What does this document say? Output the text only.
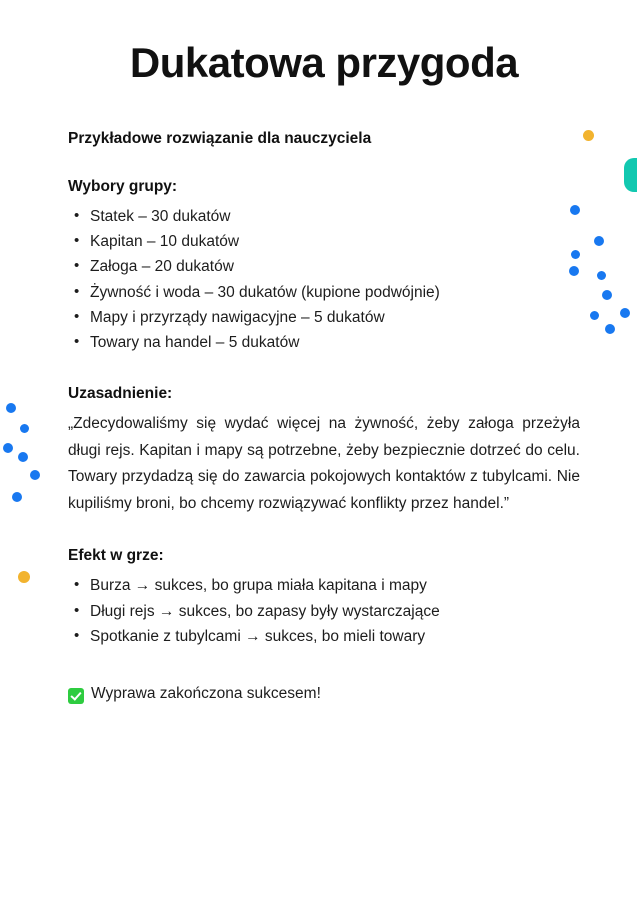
Dukatowa przygoda

Przykładowe rozwiązanie dla nauczyciela

Wybory grupy:
• Statek – 30 dukatów
• Kapitan – 10 dukatów
• Załoga – 20 dukatów
• Żywność i woda – 30 dukatów (kupione podwójnie)
• Mapy i przyrządy nawigacyjne – 5 dukatów
• Towary na handel – 5 dukatów
Uzasadnienie:

„Zdecydowaliśmy się wydać więcej na żywność, żeby załoga przeżyła długi rejs. Kapitan i mapy są potrzebne, żeby bezpiecznie dotrzeć do celu. Towary przydadzą się do zawarcia pokojowych kontaktów z tubylcami. Nie kupiliśmy broni, bo chcemy rozwiązywać konflikty przez handel.”

Efekt w grze:
• Burza → sukces, bo grupa miała kapitana i mapy
• Długi rejs → sukces, bo zapasy były wystarczające
• Spotkanie z tubylcami → sukces, bo mieli towary

Wyprawa zakończona sukcesem!
